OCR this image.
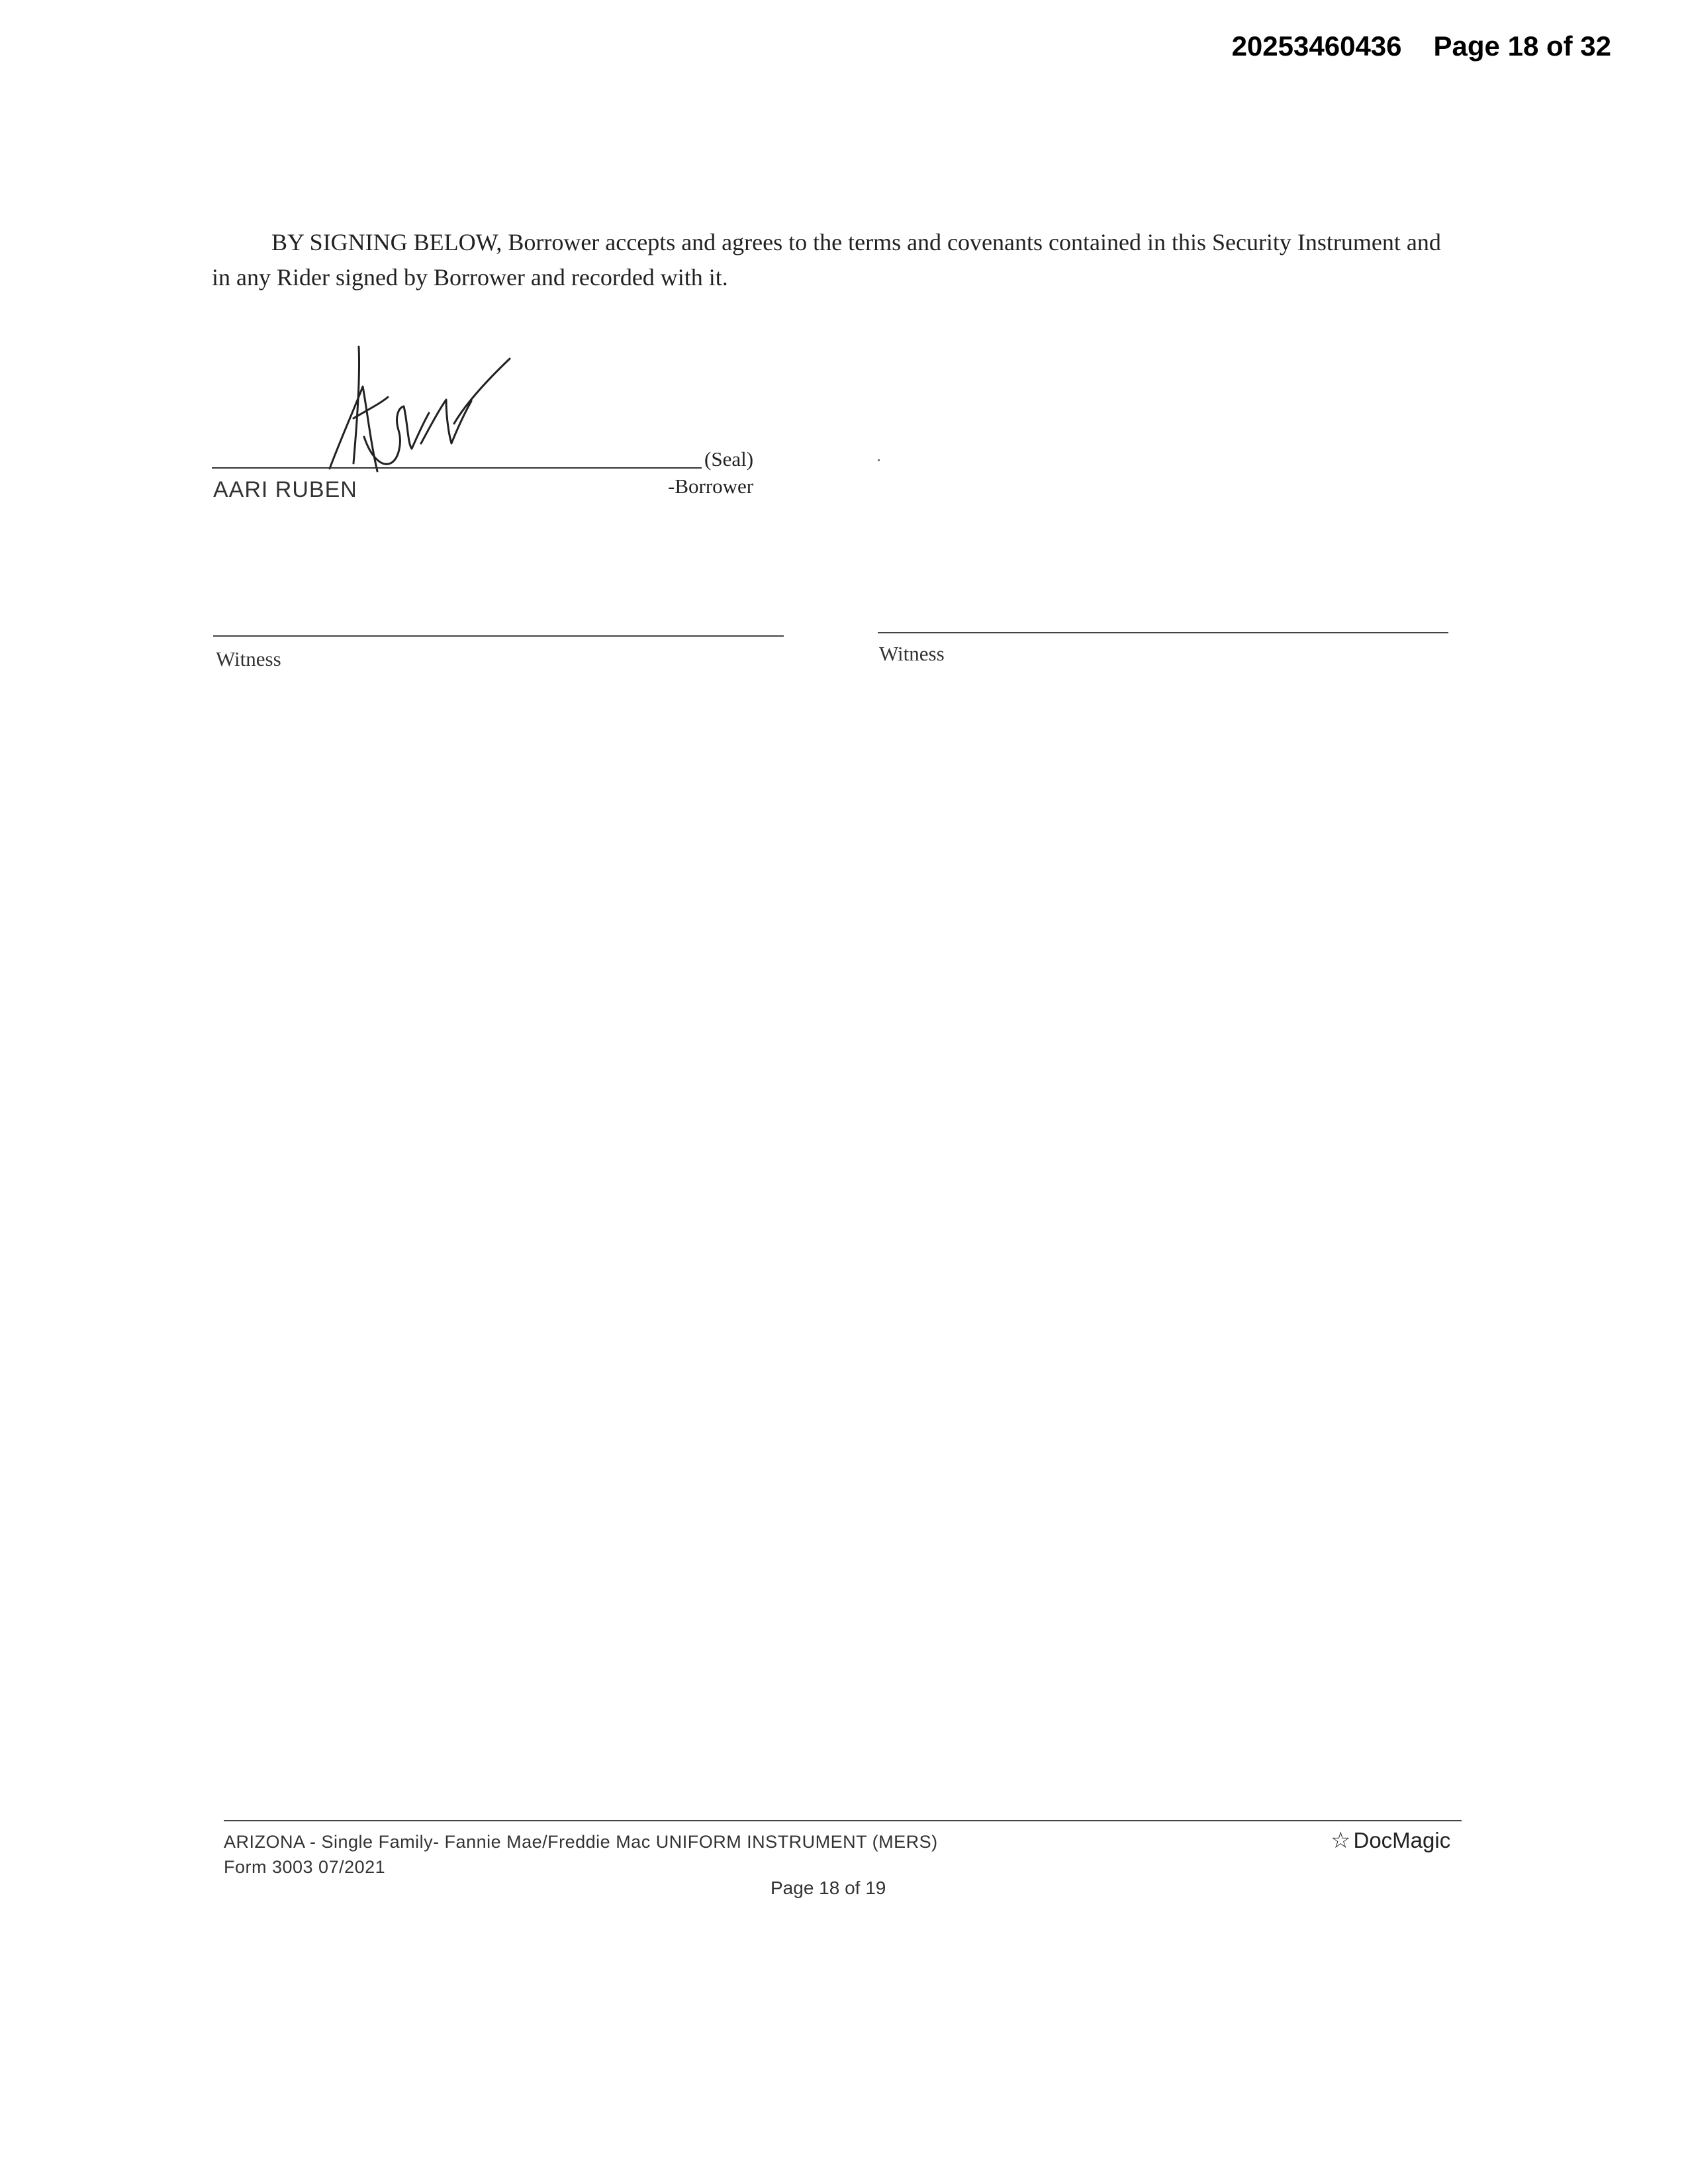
20253460436 Page 18 of 32
BY SIGNING BELOW, Borrower accepts and agrees to the terms and covenants contained in this Security Instrument and in any Rider signed by Borrower and recorded with it.
(Seal)
AARI RUBEN	-Borrower
Witness	Witness
ARIZONA - Single Family- Fannie Mae/Freddie Mac UNIFORM INSTRUMENT (MERS)
Form 3003 07/2021
Page 18 of 19
☆ DocMagic
